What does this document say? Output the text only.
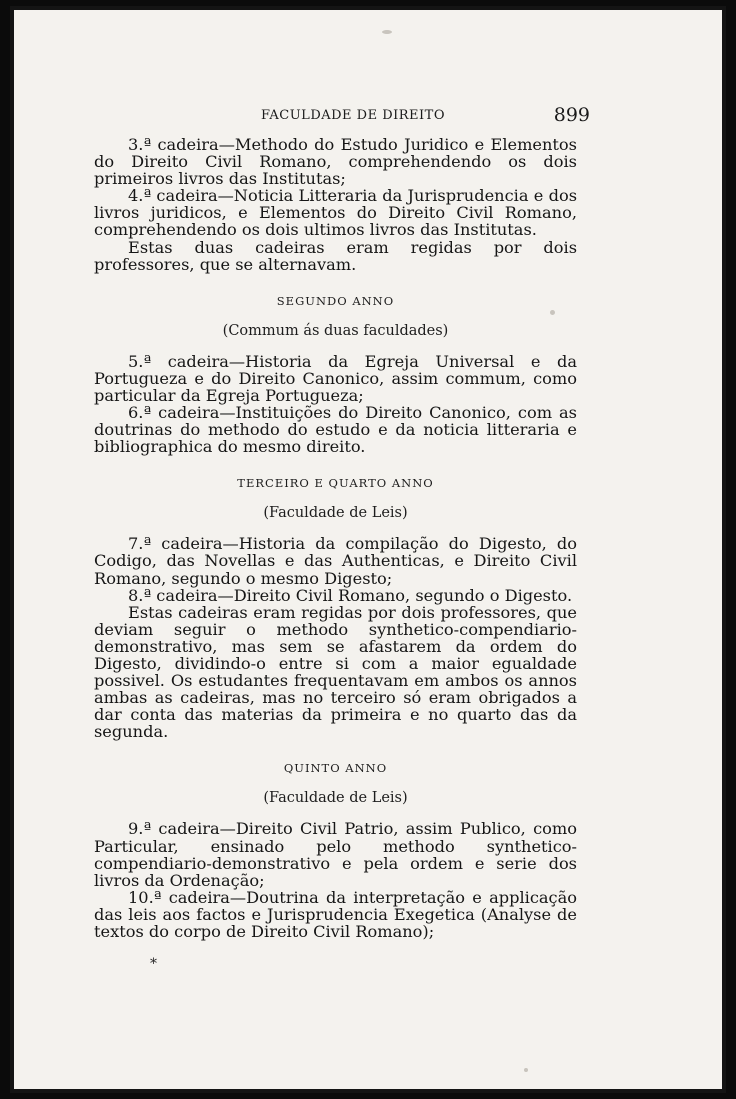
FACULDADE DE DIREITO	899

3.ª cadeira—Methodo do Estudo Juridico e Elementos do Direito Civil Romano, comprehendendo os dois primeiros livros das Institutas;

4.ª cadeira—Noticia Litteraria da Jurisprudencia e dos livros juridicos, e Elementos do Direito Civil Romano, comprehendendo os dois ultimos livros das Institutas.

Estas duas cadeiras eram regidas por dois professores, que se alternavam.

SEGUNDO ANNO
(Commum ás duas faculdades)

5.ª cadeira—Historia da Egreja Universal e da Portugueza e do Direito Canonico, assim commum, como particular da Egreja Portugueza;

6.ª cadeira—Instituições do Direito Canonico, com as doutrinas do methodo do estudo e da noticia litteraria e bibliographica do mesmo direito.

TERCEIRO E QUARTO ANNO
(Faculdade de Leis)

7.ª cadeira—Historia da compilação do Digesto, do Codigo, das Novellas e das Authenticas, e Direito Civil Romano, segundo o mesmo Digesto;

8.ª cadeira—Direito Civil Romano, segundo o Digesto.

Estas cadeiras eram regidas por dois professores, que deviam seguir o methodo synthetico-compendiario-demonstrativo, mas sem se afastarem da ordem do Digesto, dividindo-o entre si com a maior egualdade possivel. Os estudantes frequentavam em ambos os annos ambas as cadeiras, mas no terceiro só eram obrigados a dar conta das materias da primeira e no quarto das da segunda.

QUINTO ANNO
(Faculdade de Leis)

9.ª cadeira—Direito Civil Patrio, assim Publico, como Particular, ensinado pelo methodo synthetico-compendiario-demonstrativo e pela ordem e serie dos livros da Ordenação;

10.ª cadeira—Doutrina da interpretação e applicação das leis aos factos e Jurisprudencia Exegetica (Analyse de textos do corpo de Direito Civil Romano);

*
